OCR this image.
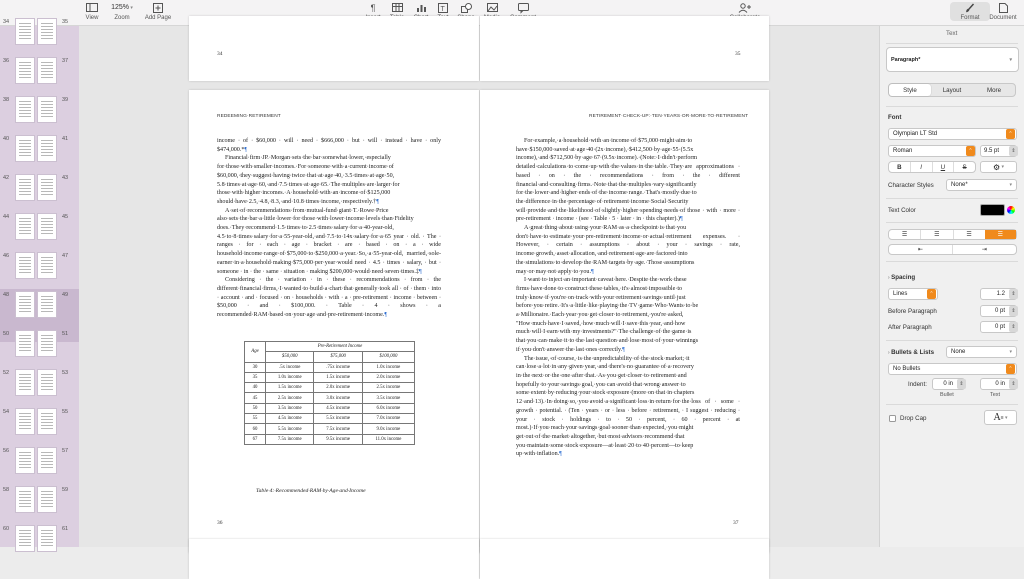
View
125% ▾
Zoom	Add Page
¶	T
Format Document
34	35
36	37
38	39
40	41
42	43
44	45
46	47
48	49
50	51
52	53
54	55
56	57
58	59
60	61
34	35
REDEEMING·RETIREMENT

income · of · $60,000 · will · need · $666,000 · but · will · instead · have · only $474,000.*¶

Financial·firm·JP.·Morgan·sets·the·bar·somewhat·lower,·especially for·those·with·smaller·incomes.·For·someone·with·a·current·income·of $60,000,·they·suggest·having·twice·that·at·age·40,·3.5·times·at·age·50, 5.8·times·at·age·60,·and·7.5·times·at·age·65.·The·multiples·are·larger·for those·with·higher·incomes.·A·household·with·an·income·of·$125,000 should·have·2.5,·4.8,·8.3,·and·10.8·times·income,·respectively.†¶

A·set·of·recommendations·from·mutual-fund·giant·T.·Rowe·Price also·sets·the·bar·a·little·lower·for·those·with·lower·income·levels·than·Fidelity does.·They·recommend·1.5·times·to·2.5·times·salary·for·a·40-year-old, 4.5·to·8·times·salary·for·a·55-year-old,·and·7.5·to·14x·salary·for·a·65 year · old. · The · ranges · for · each · age · bracket · are · based · on · a · wide household·income·range·of·$75,000·to·$250,000·a·year.·So,·a·55-year-old, married,·sole-earner·in·a·household·making·$75,000·per·year·would need · 4.5 · times · salary, · but · someone · in · the · same · situation · making $200,000·would·need·seven·times.‡¶

Considering · the · variation · in · these · recommendations · from · the different·financial·firms,·I·wanted·to·build·a·chart·that·generally·took all · of · them · into · account · and · focused · on · households · with · a · pre-retirement · income · between · $50,000 · and · $100,000. · Table · 4 · shows · a recommended·RAM·based·on·your·age·and·pre-retirement·income.¶

Age	Pre-Retirement Income		
	$50,000	$75,000	$100,000
30	.5x income	.75x income	1.0x income
35	1.0x income	1.5x income	2.0x income
40	1.5x income	2.0x income	2.5x income
45	2.5x income	3.0x income	3.5x income
50	3.5x income	4.5x income	6.0x income
55	4.5x income	5.5x income	7.0x income
60	5.5x income	7.5x income	9.0x income
67	7.5x income	9.5x income	11.0x income
Table·4:·Recommended·RAM·by·Age·and·Income
36
RETIREMENT·CHECK-UP:·TEN·YEARS·OR·MORE·TO·RETIREMENT

For·example,·a·household·with·an·income·of·$75,000·might·aim·to have·$150,000·saved·at·age·40·(2x·income),·$412,500·by·age·55·(5.5x income),·and·$712,500·by·age·67·(9.5x·income).·(Note:·I·didn't·perform detailed·calculations·to·come·up·with·the·values·in·the·table.·They·are approximations · based · on · the · recommendations · from · the · different financial·and·consulting·firms.·Note·that·the·multiples·vary·significantly for·the·lower·and·higher·ends·of·the·income·range.·That's·mostly·due·to the·difference·in·the·percentage·of·retirement·income·Social·Security will·provide·and·the·likelihood·of·slightly·higher·spending·needs·of those · with · more · pre-retirement · income · (see · Table · 5 · later · in · this chapter).)¶

A·great·thing·about·using·your·RAM·as·a·checkpoint·is·that·you don't·have·to·estimate·your·pre-retirement·income·or·actual·retirement expenses. · However, · certain · assumptions · about · your · savings · rate, income·growth,·asset·allocation,·and·retirement·age·are·factored·into the·simulations·to·develop·the·RAM·targets·by·age.·Those·assumptions may·or·may·not·apply·to·you.¶

I·want·to·inject·an·important·caveat·here.·Despite·the·work·these firms·have·done·to·construct·these·tables,·it's·almost·impossible·to truly·know·if·you're·on·track·with·your·retirement·savings·until·just before·you·retire.·It's·a·little·like·playing·the·TV·game·Who·Wants·to·be a·Millionaire.·Each·year·you·get·closer·to·retirement,·you're·asked, "How·much·have·I·saved,·how·much·will·I·save·this·year,·and·how much·will·I·earn·with·my·investments?"·The·challenge·of·the·game·is that·you·can·make·it·to·the·last·question·and·lose·most·of·your·winnings if·you·don't·answer·the·last·ones·correctly.¶

The·issue,·of·course,·is·the·unpredictability·of·the·stock·market;·it can·lose·a·lot·in·any·given·year,·and·there's·no·guarantee·of·a·recovery in·the·next·or·the·one·after·that.·As·you·get·closer·to·retirement·and hopefully·to·your·savings·goal,·you·can·avoid·that·wrong·answer·to some·extent·by·reducing·your·stock·exposure·(more·on·that·in·chapters 12·and·13).·In·doing·so,·you·avoid·a·significant·loss·in·return·for·the·loss of · some · growth · potential. · (Ten · years · or · less · before · retirement, · I suggest · reducing · your · stock · holdings · to · 50 · percent, · 60 · percent · at most.)·If·you·reach·your·savings·goal·sooner·than·expected,·you·might get·out·of·the·market·altogether,·but·most·advisors·recommend·that you·maintain·some·stock·exposure—at·least·20·to·40·percent—to·keep up·with·inflation.¶

37
Text
Paragraph*	▾
Style	Layout	More
Font
Olympian LT Std	⌃
Roman	⌃	9.5 pt	⇕
B	I	U	S	⚙ ▾
Character Styles	None*	▾
Text Color
☰	☰	☰	☰
⇤	⇥
› Spacing
Lines	⌃	1.2	⇕
Before Paragraph	0 pt	⇕
After Paragraph	0 pt	⇕
› Bullets & Lists	None	▾
No Bullets	⌃
Indent:	0 in	⇕	0 in	⇕
Bullet	Text
Drop Cap	A ≡ ▾
